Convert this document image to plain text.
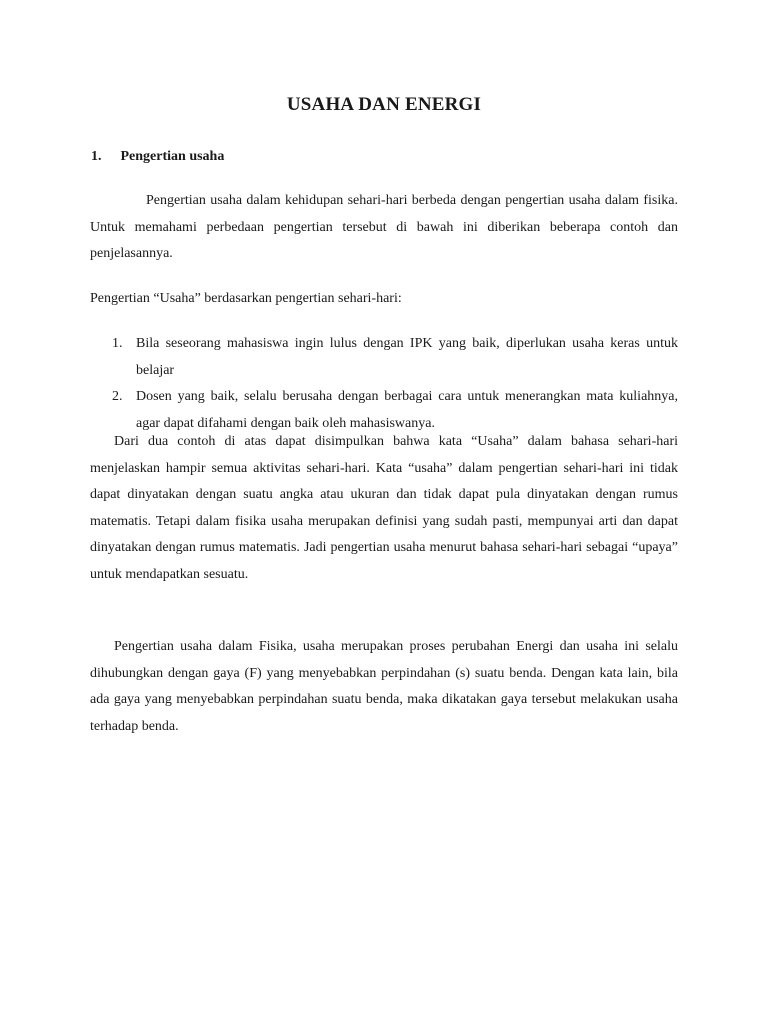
USAHA DAN ENERGI
1. Pengertian usaha

Pengertian usaha dalam kehidupan sehari-hari berbeda dengan pengertian usaha dalam fisika. Untuk memahami perbedaan pengertian tersebut di bawah ini diberikan beberapa contoh dan penjelasannya.

Pengertian “Usaha” berdasarkan pengertian sehari-hari:

1. Bila seseorang mahasiswa ingin lulus dengan IPK yang baik, diperlukan usaha keras untuk belajar
2. Dosen yang baik, selalu berusaha dengan berbagai cara untuk menerangkan mata kuliahnya, agar dapat difahami dengan baik oleh mahasiswanya.

Dari dua contoh di atas dapat disimpulkan bahwa kata “Usaha” dalam bahasa sehari-hari menjelaskan hampir semua aktivitas sehari-hari. Kata “usaha” dalam pengertian sehari-hari ini tidak dapat dinyatakan dengan suatu angka atau ukuran dan tidak dapat pula dinyatakan dengan rumus matematis. Tetapi dalam fisika usaha merupakan definisi yang sudah pasti, mempunyai arti dan dapat dinyatakan dengan rumus matematis. Jadi pengertian usaha menurut bahasa sehari-hari sebagai “upaya” untuk mendapatkan sesuatu.

Pengertian usaha dalam Fisika, usaha merupakan proses perubahan Energi dan usaha ini selalu dihubungkan dengan gaya (F) yang menyebabkan perpindahan (s) suatu benda. Dengan kata lain, bila ada gaya yang menyebabkan perpindahan suatu benda, maka dikatakan gaya tersebut melakukan usaha terhadap benda.
